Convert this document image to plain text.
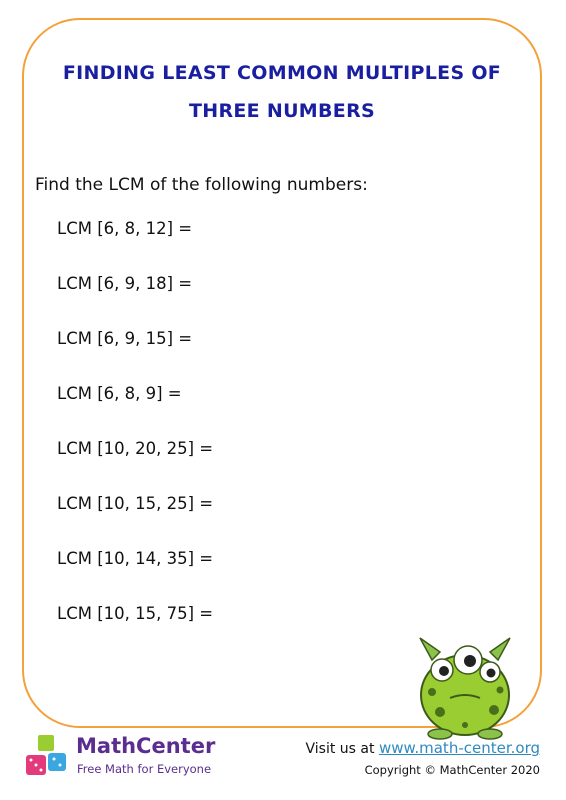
FINDING LEAST COMMON MULTIPLES OF
THREE NUMBERS
Find the LCM of the following numbers:
LCM [6, 8, 12] =
LCM [6, 9, 18] =
LCM [6, 9, 15] =
LCM [6, 8, 9] =
LCM [10, 20, 25] =
LCM [10, 15, 25] =
LCM [10, 14, 35] =
LCM [10, 15, 75] =
MathCenter
Free Math for Everyone
Visit us at www.math-center.org
Copyright © MathCenter 2020
